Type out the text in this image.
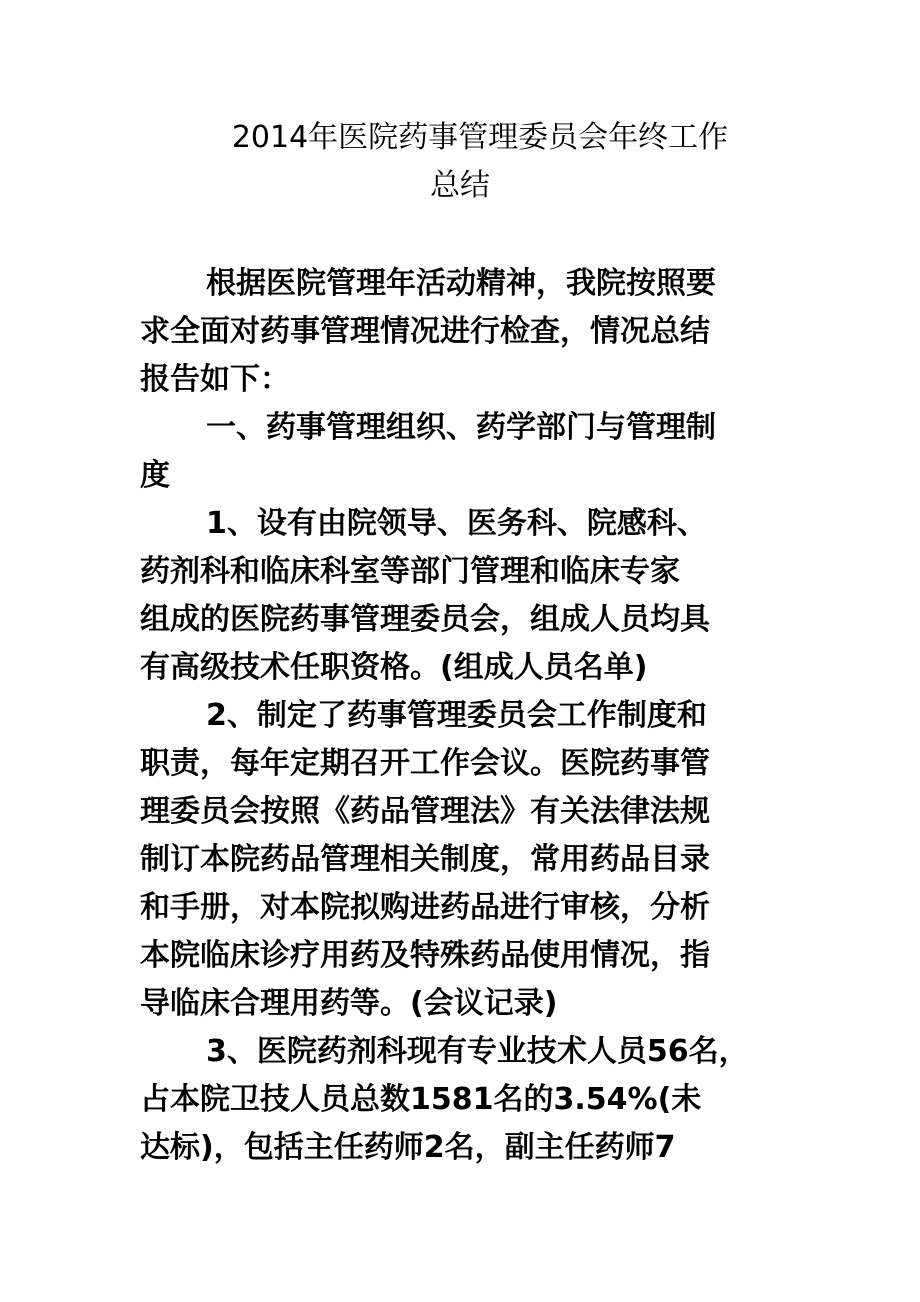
2014年医院药事管理委员会年终工作
总结

根据医院管理年活动精神，我院按照要

求全面对药事管理情况进行检查，情况总结

报告如下：

一、药事管理组织、药学部门与管理制

度

1、设有由院领导、医务科、院感科、

药剂科和临床科室等部门管理和临床专家

组成的医院药事管理委员会，组成人员均具

有高级技术任职资格。(组成人员名单)

2、制定了药事管理委员会工作制度和

职责，每年定期召开工作会议。医院药事管

理委员会按照《药品管理法》有关法律法规

制订本院药品管理相关制度，常用药品目录

和手册，对本院拟购进药品进行审核，分析

本院临床诊疗用药及特殊药品使用情况，指

导临床合理用药等。(会议记录)

3、医院药剂科现有专业技术人员56名，

占本院卫技人员总数1581名的3.54%(未

达标)，包括主任药师2名，副主任药师7
